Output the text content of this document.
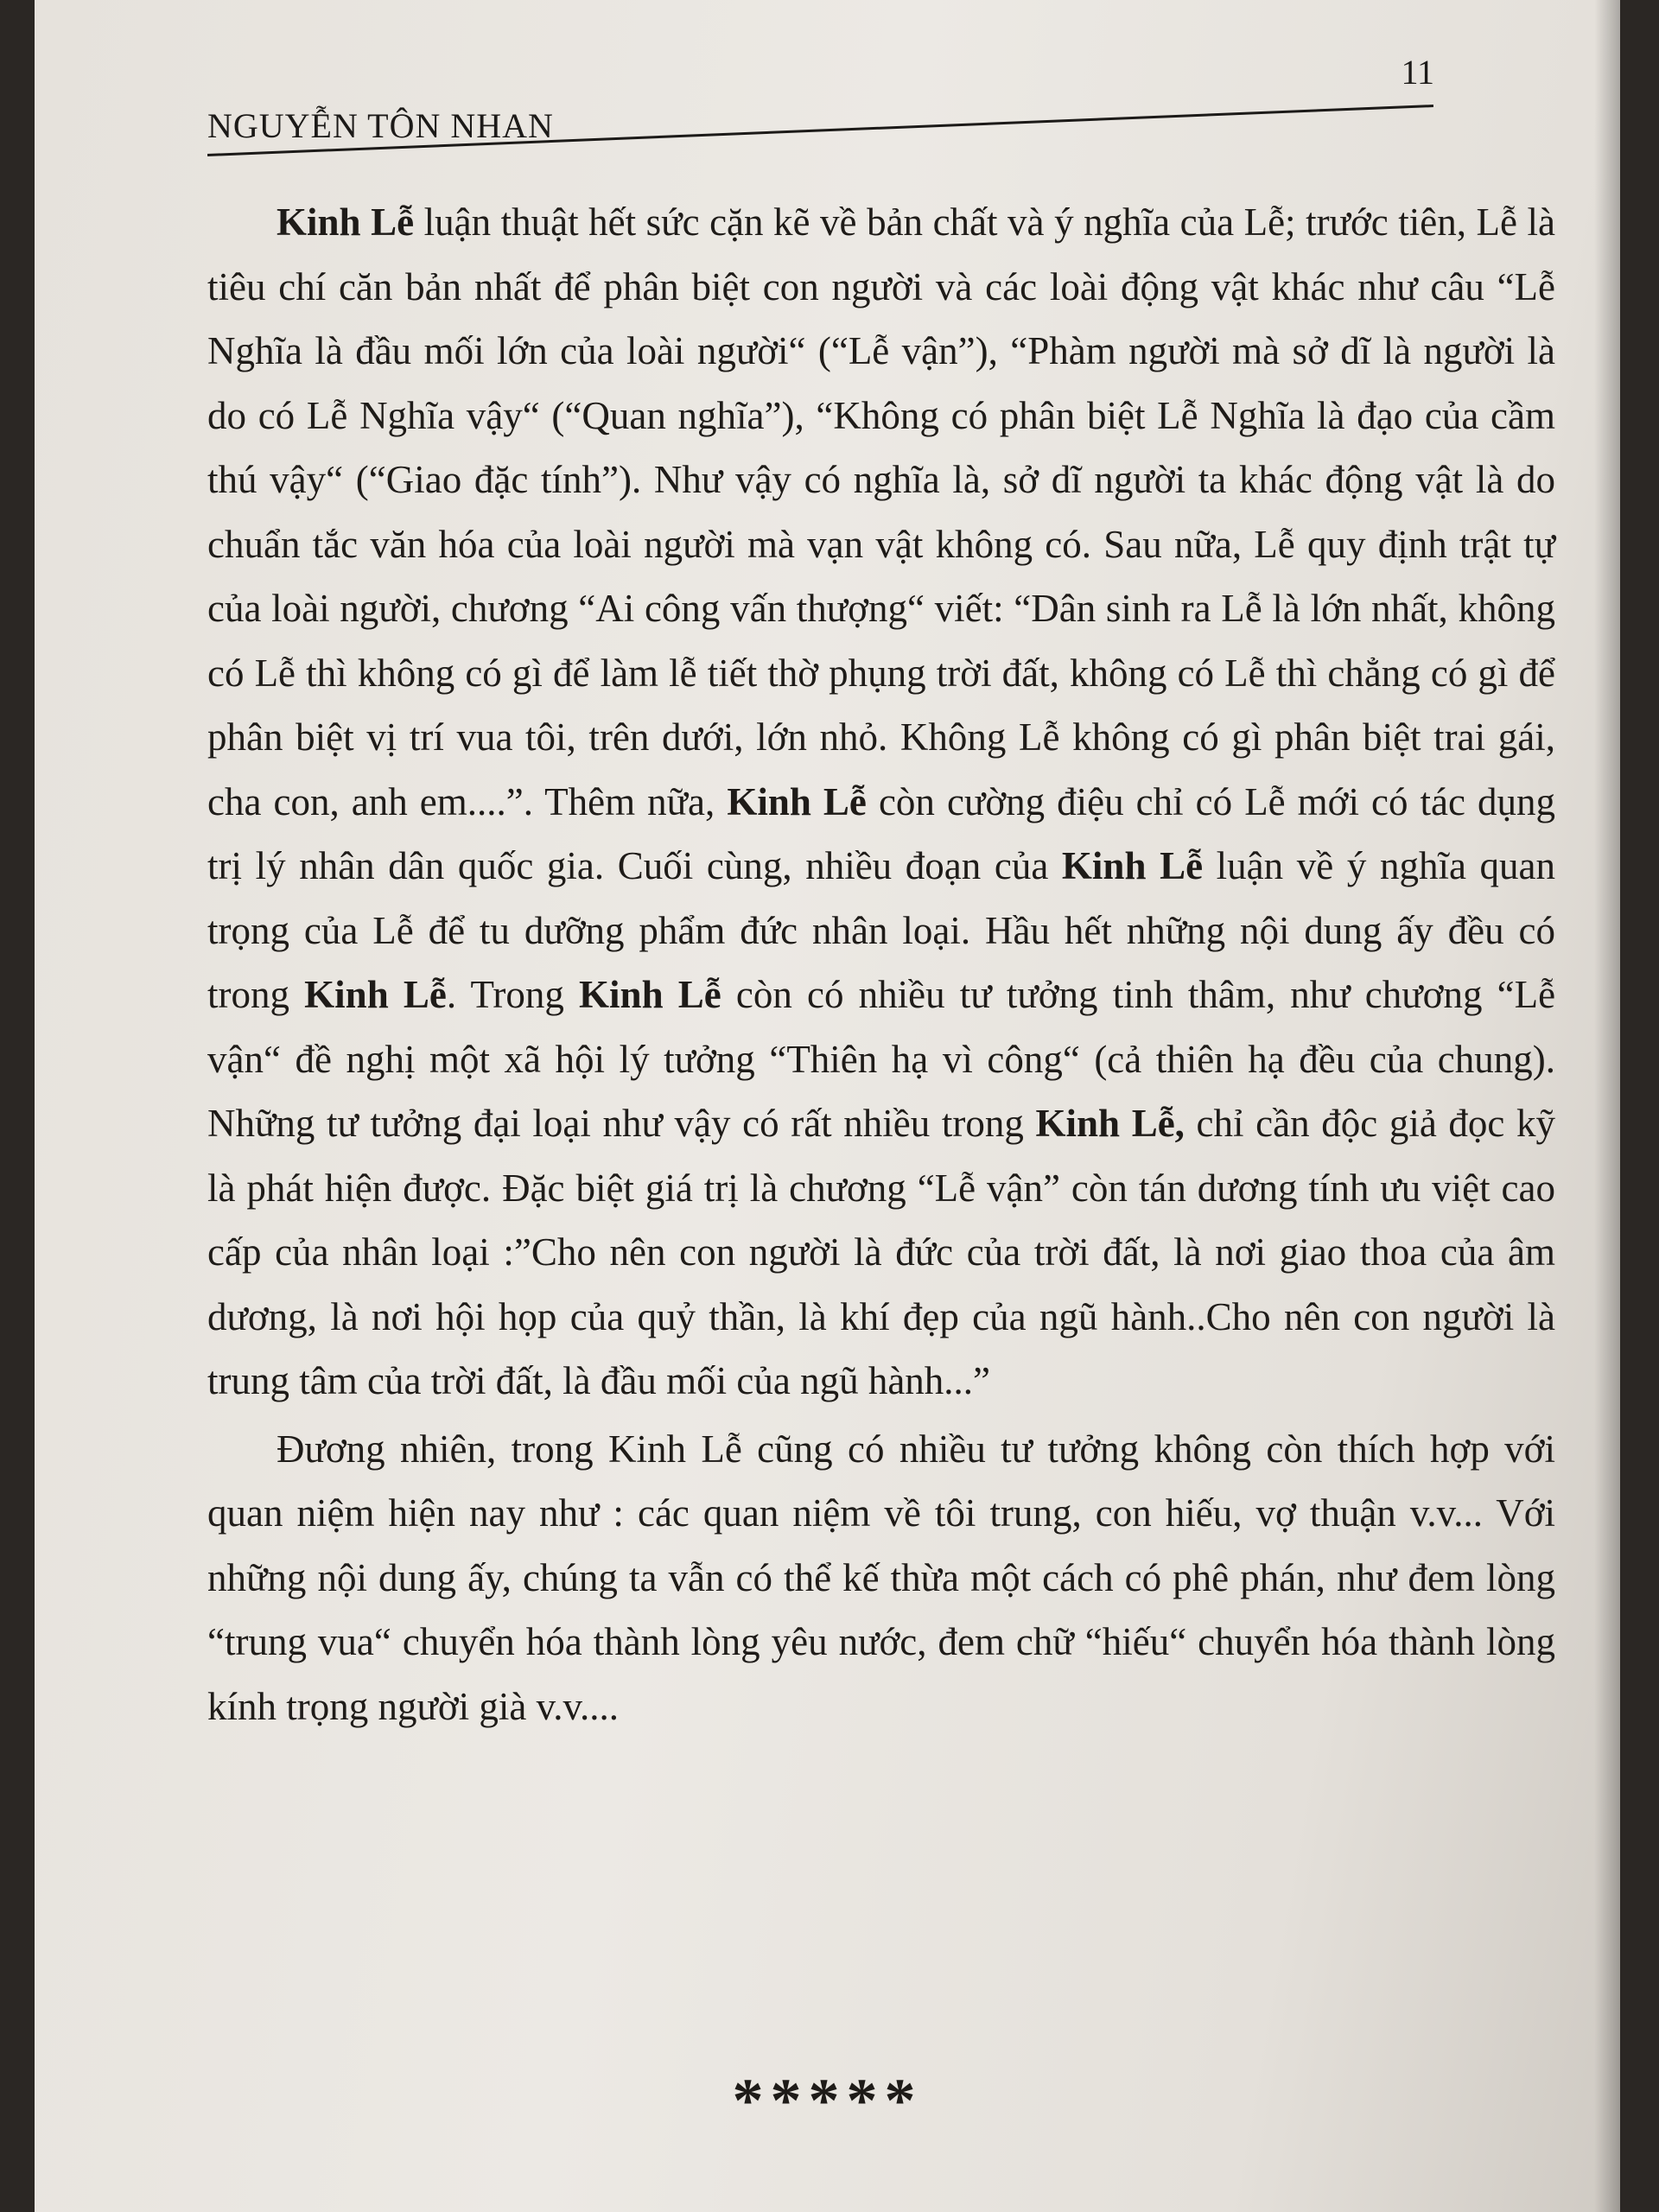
NGUYỄN TÔN NHAN
11

Kinh Lễ luận thuật hết sức cặn kẽ về bản chất và ý nghĩa của Lễ; trước tiên, Lễ là tiêu chí căn bản nhất để phân biệt con người và các loài động vật khác như câu “Lễ Nghĩa là đầu mối lớn của loài người“ (“Lễ vận”), “Phàm người mà sở dĩ là người là do có Lễ Nghĩa vậy“ (“Quan nghĩa”), “Không có phân biệt Lễ Nghĩa là đạo của cầm thú vậy“ (“Giao đặc tính”). Như vậy có nghĩa là, sở dĩ người ta khác động vật là do chuẩn tắc văn hóa của loài người mà vạn vật không có. Sau nữa, Lễ quy định trật tự của loài người, chương “Ai công vấn thượng“ viết: “Dân sinh ra Lễ là lớn nhất, không có Lễ thì không có gì để làm lễ tiết thờ phụng trời đất, không có Lễ thì chẳng có gì để phân biệt vị trí vua tôi, trên dưới, lớn nhỏ. Không Lễ không có gì phân biệt trai gái, cha con, anh em....”. Thêm nữa, Kinh Lễ còn cường điệu chỉ có Lễ mới có tác dụng trị lý nhân dân quốc gia. Cuối cùng, nhiều đoạn của Kinh Lễ luận về ý nghĩa quan trọng của Lễ để tu dưỡng phẩm đức nhân loại. Hầu hết những nội dung ấy đều có trong Kinh Lễ. Trong Kinh Lễ còn có nhiều tư tưởng tinh thâm, như chương “Lễ vận“ đề nghị một xã hội lý tưởng “Thiên hạ vì công“ (cả thiên hạ đều của chung). Những tư tưởng đại loại như vậy có rất nhiều trong Kinh Lễ, chỉ cần độc giả đọc kỹ là phát hiện được. Đặc biệt giá trị là chương “Lễ vận” còn tán dương tính ưu việt cao cấp của nhân loại :”Cho nên con người là đức của trời đất, là nơi giao thoa của âm dương, là nơi hội họp của quỷ thần, là khí đẹp của ngũ hành..Cho nên con người là trung tâm của trời đất, là đầu mối của ngũ hành...”

Đương nhiên, trong Kinh Lễ cũng có nhiều tư tưởng không còn thích hợp với quan niệm hiện nay như : các quan niệm về tôi trung, con hiếu, vợ thuận v.v... Với những nội dung ấy, chúng ta vẫn có thể kế thừa một cách có phê phán, như đem lòng “trung vua“ chuyển hóa thành lòng yêu nước, đem chữ “hiếu“ chuyển hóa thành lòng kính trọng người già v.v....

*****
